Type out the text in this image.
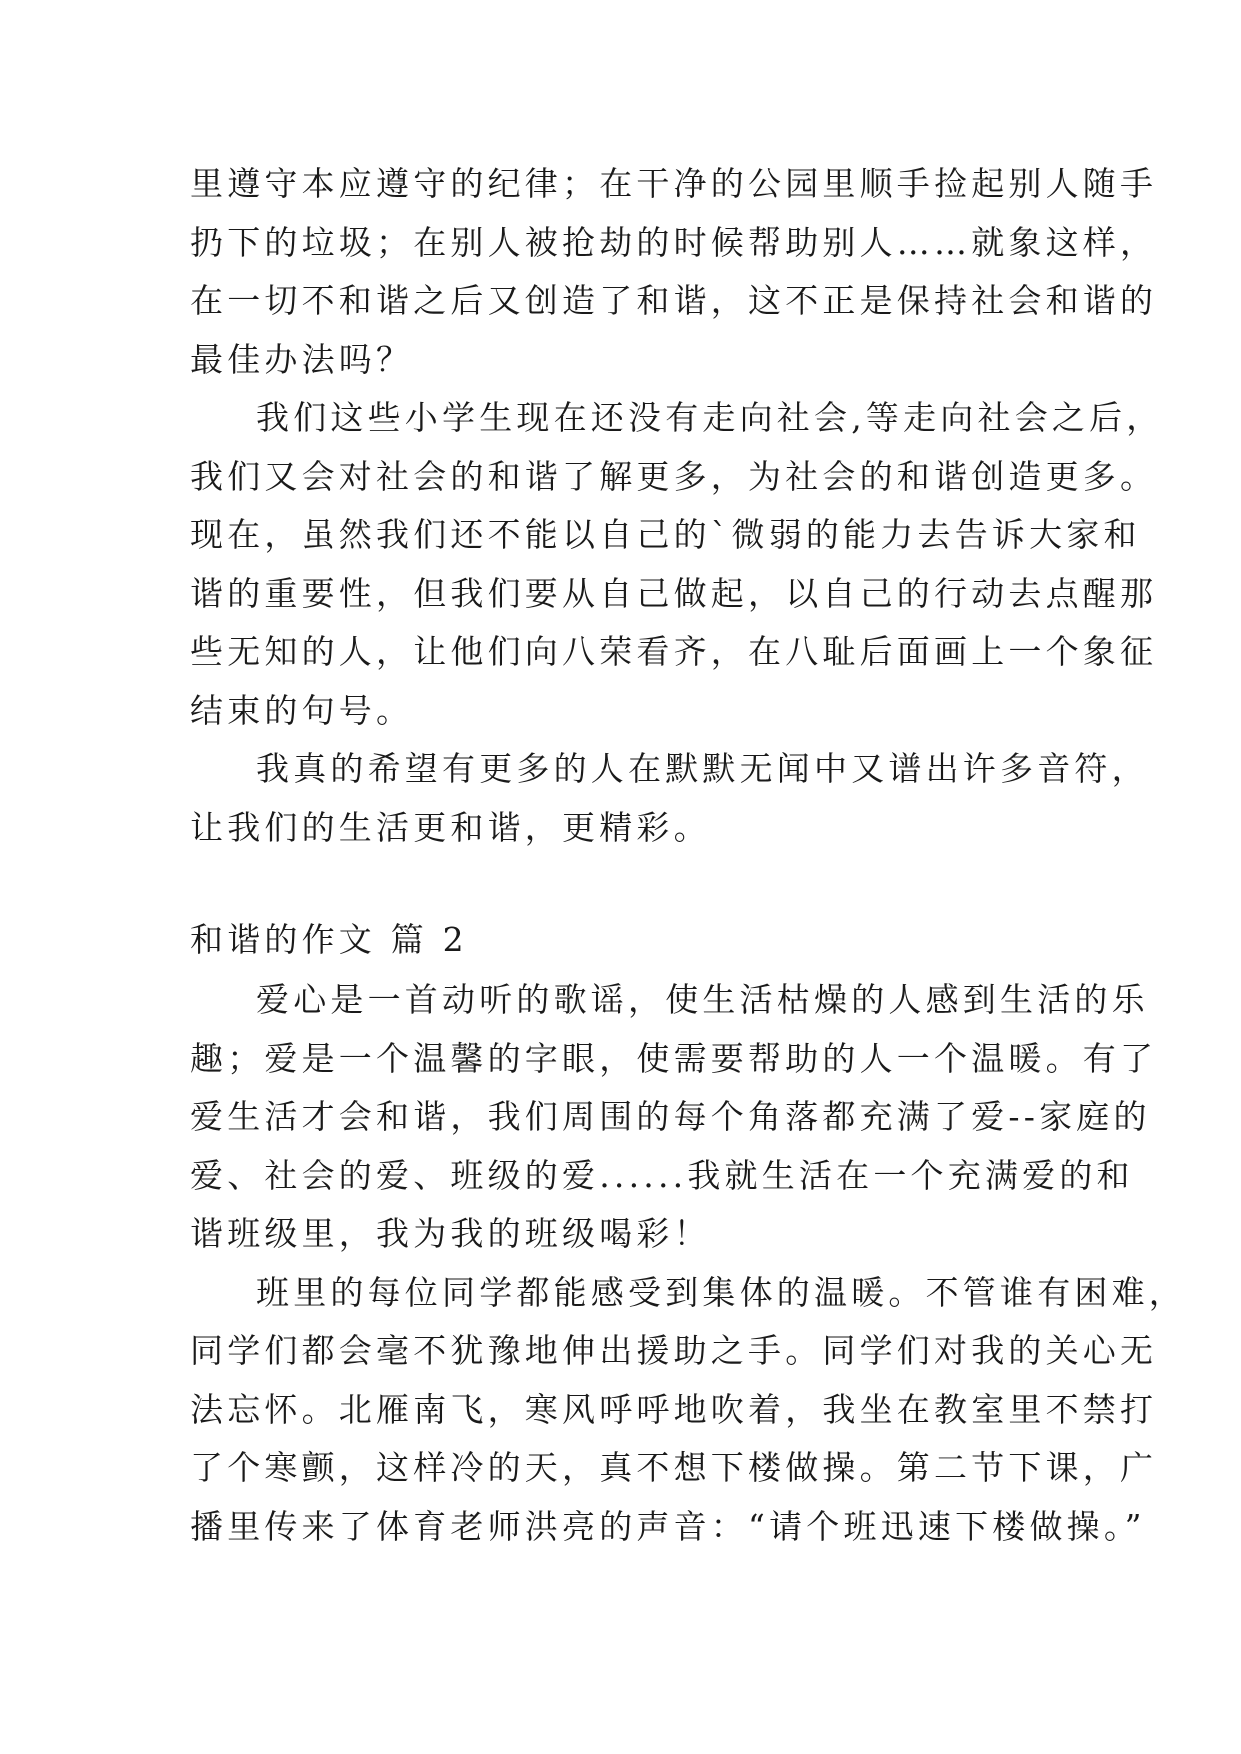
里遵守本应遵守的纪律；在干净的公园里顺手捡起别人随手
扔下的垃圾；在别人被抢劫的时候帮助别人……就象这样，
在一切不和谐之后又创造了和谐，这不正是保持社会和谐的
最佳办法吗？
我们这些小学生现在还没有走向社会,等走向社会之后，
我们又会对社会的和谐了解更多，为社会的和谐创造更多。
现在，虽然我们还不能以自己的`微弱的能力去告诉大家和
谐的重要性，但我们要从自己做起，以自己的行动去点醒那
些无知的人，让他们向八荣看齐，在八耻后面画上一个象征
结束的句号。
我真的希望有更多的人在默默无闻中又谱出许多音符，
让我们的生活更和谐，更精彩。
和谐的作文 篇 2
爱心是一首动听的歌谣，使生活枯燥的人感到生活的乐
趣；爱是一个温馨的字眼，使需要帮助的人一个温暖。有了
爱生活才会和谐，我们周围的每个角落都充满了爱--家庭的
爱、社会的爱、班级的爱......我就生活在一个充满爱的和
谐班级里，我为我的班级喝彩！
班里的每位同学都能感受到集体的温暖。不管谁有困难，
同学们都会毫不犹豫地伸出援助之手。同学们对我的关心无
法忘怀。北雁南飞，寒风呼呼地吹着，我坐在教室里不禁打
了个寒颤，这样冷的天，真不想下楼做操。第二节下课，广
播里传来了体育老师洪亮的声音：“请个班迅速下楼做操。”
